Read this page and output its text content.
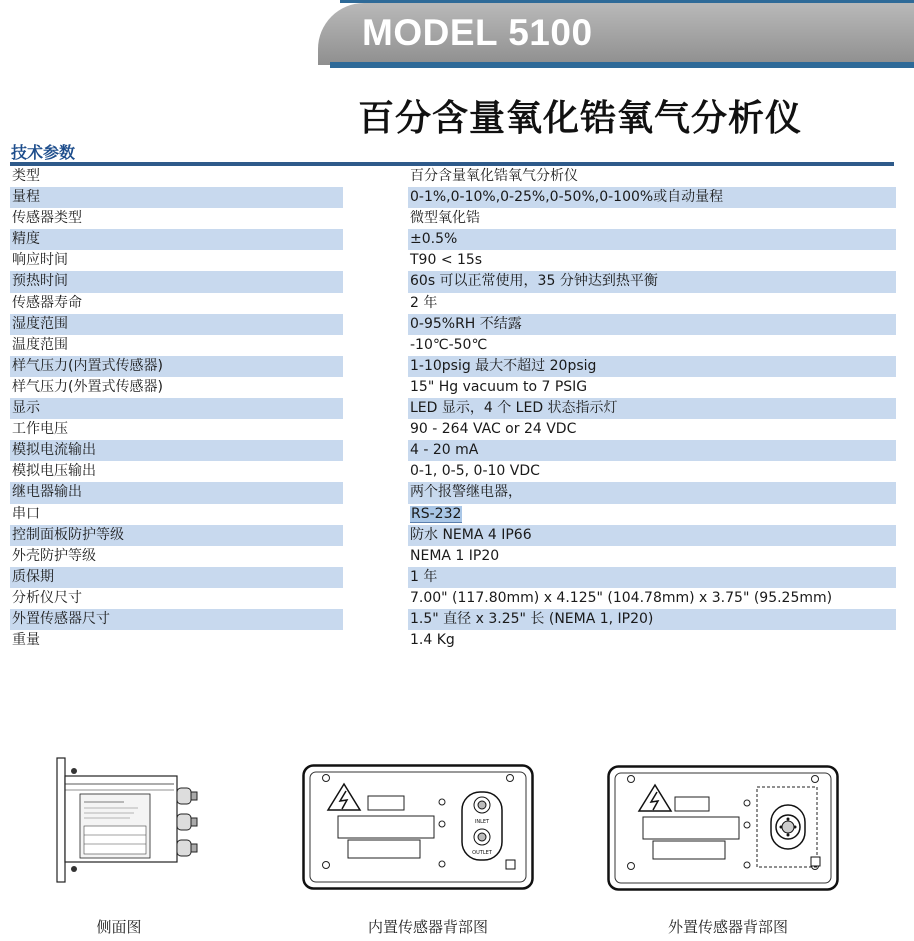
MODEL 5100
百分含量氧化锆氧气分析仪
技术参数
类型	百分含量氧化锆氧气分析仪
量程	0-1%,0-10%,0-25%,0-50%,0-100%或自动量程
传感器类型	微型氧化锆
精度	±0.5%
响应时间	T90 < 15s
预热时间	60s 可以正常使用，35 分钟达到热平衡
传感器寿命	2 年
湿度范围	0-95%RH 不结露
温度范围	-10℃-50℃
样气压力(内置式传感器)	1-10psig 最大不超过 20psig
样气压力(外置式传感器)	15" Hg vacuum to 7 PSIG
显示	LED 显示，4 个 LED 状态指示灯
工作电压	90 - 264 VAC or 24 VDC
模拟电流输出	4 - 20 mA
模拟电压输出	0-1, 0-5, 0-10 VDC
继电器输出	两个报警继电器，
串口	RS-232
控制面板防护等级	防水 NEMA 4 IP66
外壳防护等级	NEMA 1 IP20
质保期	1 年
分析仪尺寸	7.00" (117.80mm) x 4.125" (104.78mm) x 3.75" (95.25mm)
外置传感器尺寸	1.5" 直径 x 3.25" 长 (NEMA 1, IP20)
重量	1.4 Kg
侧面图
INLET
OUTLET
内置传感器背部图	外置传感器背部图
